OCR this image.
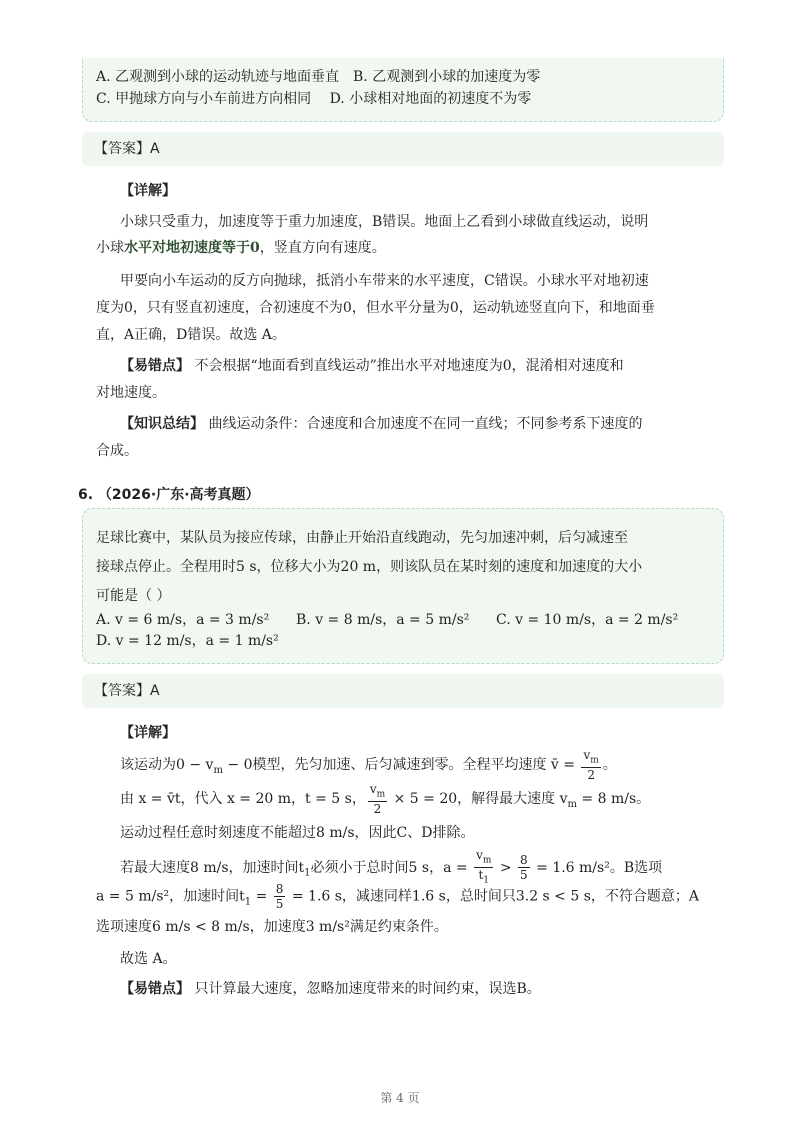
A. 乙观测到小球的运动轨迹与地面垂直　B. 乙观测到小球的加速度为零
C. 甲抛球方向与小车前进方向相同　 D. 小球相对地面的初速度不为零
【答案】A
【详解】
小球只受重力，加速度等于重力加速度，B错误。地面上乙看到小球做直线运动，说明
小球水平对地初速度等于0，竖直方向有速度。
甲要向小车运动的反方向抛球，抵消小车带来的水平速度，C错误。小球水平对地初速
度为0，只有竖直初速度，合初速度不为0，但水平分量为0，运动轨迹竖直向下，和地面垂
直，A正确，D错误。故选 A。
【易错点】 不会根据“地面看到直线运动”推出水平对地速度为0，混淆相对速度和
对地速度。
【知识总结】 曲线运动条件：合速度和合加速度不在同一直线；不同参考系下速度的
合成。
6. （2026·广东·高考真题）
足球比赛中，某队员为接应传球，由静止开始沿直线跑动，先匀加速冲刺，后匀减速至
接球点停止。全程用时5 s，位移大小为20 m，则该队员在某时刻的速度和加速度的大小
可能是（ ）
A. v = 6 m/s，a = 3 m/s² B. v = 8 m/s，a = 5 m/s² C. v = 10 m/s，a = 2 m/s²
D. v = 12 m/s，a = 1 m/s²
【答案】A
【详解】
该运动为$0 - v_m - 0$模型，先匀加速、后匀减速到零。全程平均速度 v̄ = $\frac{v_m}{2}$ 。
由 x = v̄t，代入 x = 20 m，t = 5 s， $\frac{v_m}{2} \times 5 = 20$，解得最大速度 $v_m = 8$ m/s。
运动过程任意时刻速度不能超过8 m/s，因此C、D排除。
若最大速度8 m/s，加速时间$t_1$必须小于总时间5 s，$a = \frac{v_m}{t_1} > \frac{8}{5} = 1.6$ m/s²。B选项
a = 5 m/s²，加速时间$t_1 = \frac{8}{5} = 1.6$ s，减速同样1.6 s，总时间只3.2 s < 5 s，不符合题意；A
选项速度6 m/s < 8 m/s，加速度3 m/s²满足约束条件。
故选 A。
【易错点】 只计算最大速度，忽略加速度带来的时间约束，误选B。
第 4 页
